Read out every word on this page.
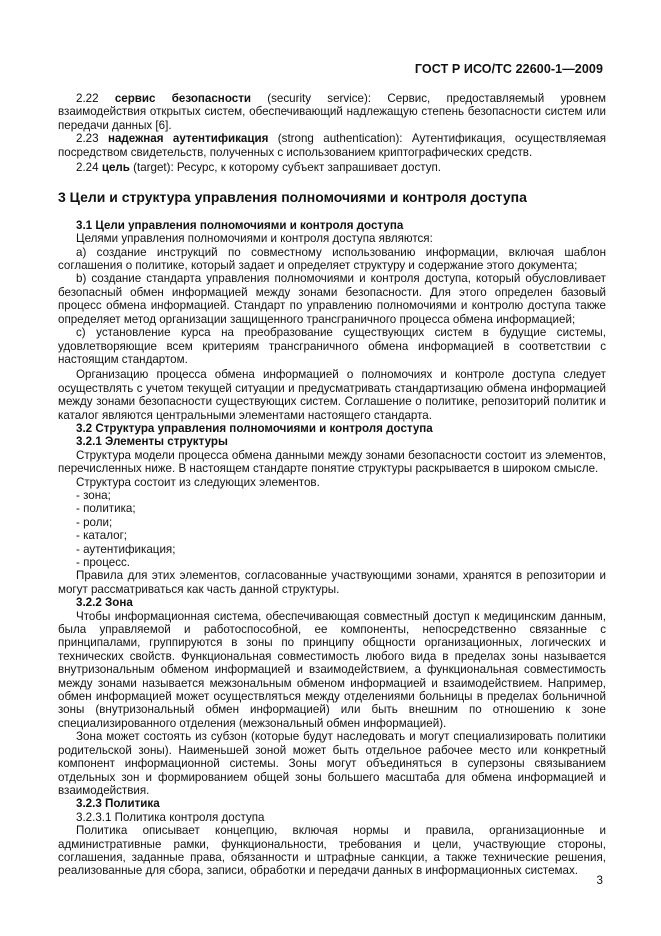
ГОСТ Р ИСО/ТС 22600-1—2009

2.22 сервис безопасности (security service): Сервис, предоставляемый уровнем взаимодействия открытых систем, обеспечивающий надлежащую степень безопасности систем или передачи данных [6].

2.23 надежная аутентификация (strong authentication): Аутентификация, осуществляемая посредством свидетельств, полученных с использованием криптографических средств.

2.24 цель (target): Ресурс, к которому субъект запрашивает доступ.

3 Цели и структура управления полномочиями и контроля доступа

3.1 Цели управления полномочиями и контроля доступа

Целями управления полномочиями и контроля доступа являются:

a) создание инструкций по совместному использованию информации, включая шаблон соглашения о политике, который задает и определяет структуру и содержание этого документа;

b) создание стандарта управления полномочиями и контроля доступа, который обусловливает безопасный обмен информацией между зонами безопасности. Для этого определен базовый процесс обмена информацией. Стандарт по управлению полномочиями и контролю доступа также определяет метод организации защищенного трансграничного процесса обмена информацией;

c) установление курса на преобразование существующих систем в будущие системы, удовлетворяющие всем критериям трансграничного обмена информацией в соответствии с настоящим стандартом.

Организацию процесса обмена информацией о полномочиях и контроле доступа следует осуществлять с учетом текущей ситуации и предусматривать стандартизацию обмена информацией между зонами безопасности существующих систем. Соглашение о политике, репозиторий политик и каталог являются центральными элементами настоящего стандарта.

3.2 Структура управления полномочиями и контроля доступа

3.2.1 Элементы структуры

Структура модели процесса обмена данными между зонами безопасности состоит из элементов, перечисленных ниже. В настоящем стандарте понятие структуры раскрывается в широком смысле.

Структура состоит из следующих элементов.

- зона;

- политика;

- роли;

- каталог;

- аутентификация;

- процесс.

Правила для этих элементов, согласованные участвующими зонами, хранятся в репозитории и могут рассматриваться как часть данной структуры.

3.2.2 Зона

Чтобы информационная система, обеспечивающая совместный доступ к медицинским данным, была управляемой и работоспособной, ее компоненты, непосредственно связанные с принципалами, группируются в зоны по принципу общности организационных, логических и технических свойств. Функциональная совместимость любого вида в пределах зоны называется внутризональным обменом информацией и взаимодействием, а функциональная совместимость между зонами называется межзональным обменом информацией и взаимодействием. Например, обмен информацией может осуществляться между отделениями больницы в пределах больничной зоны (внутризональный обмен информацией) или быть внешним по отношению к зоне специализированного отделения (межзональный обмен информацией).

Зона может состоять из субзон (которые будут наследовать и могут специализировать политики родительской зоны). Наименьшей зоной может быть отдельное рабочее место или конкретный компонент информационной системы. Зоны могут объединяться в суперзоны связыванием отдельных зон и формированием общей зоны большего масштаба для обмена информацией и взаимодействия.

3.2.3 Политика

3.2.3.1 Политика контроля доступа

Политика описывает концепцию, включая нормы и правила, организационные и административные рамки, функциональности, требования и цели, участвующие стороны, соглашения, заданные права, обязанности и штрафные санкции, а также технические решения, реализованные для сбора, записи, обработки и передачи данных в информационных системах.

3
